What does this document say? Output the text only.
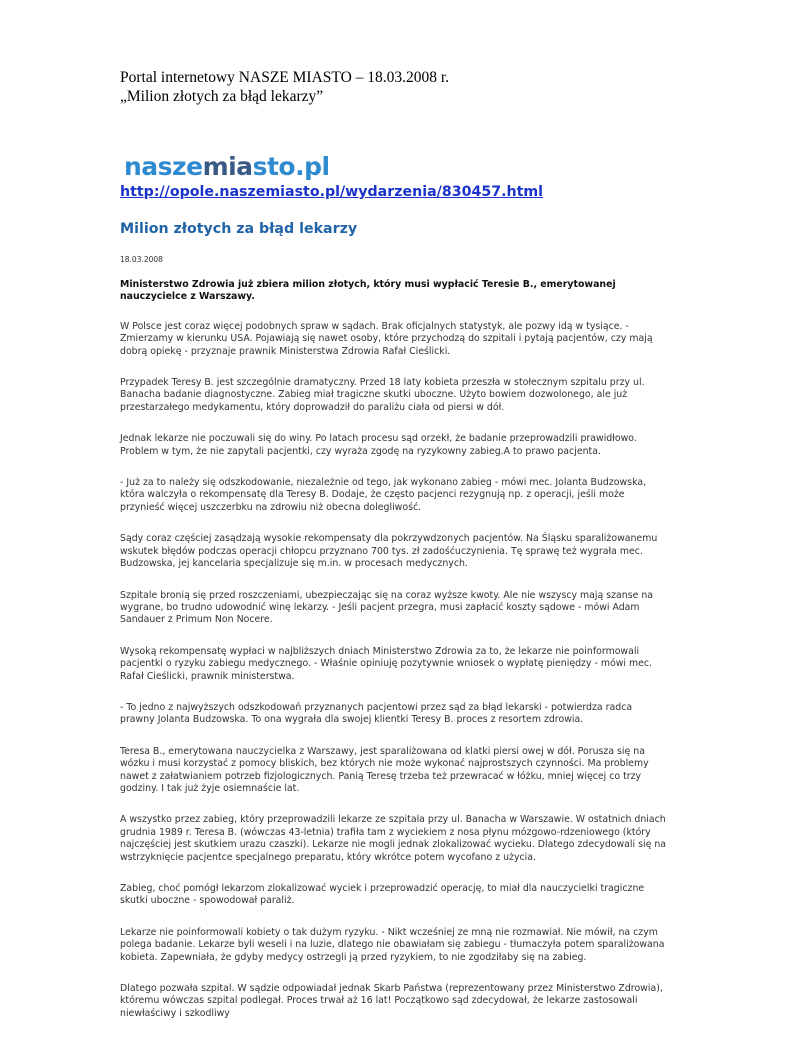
Portal internetowy NASZE MIASTO – 18.03.2008 r.
„Milion złotych za błąd lekarzy”
naszemiasto.pl
http://opole.naszemiasto.pl/wydarzenia/830457.html
Milion złotych za błąd lekarzy
18.03.2008

Ministerstwo Zdrowia już zbiera milion złotych, który musi wypłacić Teresie B., emerytowanej nauczycielce z Warszawy.

W Polsce jest coraz więcej podobnych spraw w sądach. Brak oficjalnych statystyk, ale pozwy idą w tysiące. - Zmierzamy w kierunku USA. Pojawiają się nawet osoby, które przychodzą do szpitali i pytają pacjentów, czy mają dobrą opiekę - przyznaje prawnik Ministerstwa Zdrowia Rafał Cieślicki.

Przypadek Teresy B. jest szczególnie dramatyczny. Przed 18 laty kobieta przeszła w stołecznym szpitalu przy ul. Banacha badanie diagnostyczne. Zabieg miał tragiczne skutki uboczne. Użyto bowiem dozwolonego, ale już przestarzałego medykamentu, który doprowadził do paraliżu ciała od piersi w dół.

Jednak lekarze nie poczuwali się do winy. Po latach procesu sąd orzekł, że badanie przeprowadzili prawidłowo. Problem w tym, że nie zapytali pacjentki, czy wyraża zgodę na ryzykowny zabieg.A to prawo pacjenta.

- Już za to należy się odszkodowanie, niezależnie od tego, jak wykonano zabieg - mówi mec. Jolanta Budzowska, która walczyła o rekompensatę dla Teresy B. Dodaje, że często pacjenci rezygnują np. z operacji, jeśli może przynieść więcej uszczerbku na zdrowiu niż obecna dolegliwość.

Sądy coraz częściej zasądzają wysokie rekompensaty dla pokrzywdzonych pacjentów. Na Śląsku sparaliżowanemu wskutek błędów podczas operacji chłopcu przyznano 700 tys. zł zadośćuczynienia. Tę sprawę też wygrała mec. Budzowska, jej kancelaria specjalizuje się m.in. w procesach medycznych.

Szpitale bronią się przed roszczeniami, ubezpieczając się na coraz wyższe kwoty. Ale nie wszyscy mają szanse na wygrane, bo trudno udowodnić winę lekarzy. - Jeśli pacjent przegra, musi zapłacić koszty sądowe - mówi Adam Sandauer z Primum Non Nocere.

Wysoką rekompensatę wypłaci w najbliższych dniach Ministerstwo Zdrowia za to, że lekarze nie poinformowali pacjentki o ryzyku zabiegu medycznego. - Właśnie opiniuję pozytywnie wniosek o wypłatę pieniędzy - mówi mec. Rafał Cieślicki, prawnik ministerstwa.

- To jedno z najwyższych odszkodowań przyznanych pacjentowi przez sąd za błąd lekarski - potwierdza radca prawny Jolanta Budzowska. To ona wygrała dla swojej klientki Teresy B. proces z resortem zdrowia.

Teresa B., emerytowana nauczycielka z Warszawy, jest sparaliżowana od klatki piersi owej w dół. Porusza się na wózku i musi korzystać z pomocy bliskich, bez których nie może wykonać najprostszych czynności. Ma problemy nawet z załatwianiem potrzeb fizjologicznych. Panią Teresę trzeba też przewracać w łóżku, mniej więcej co trzy godziny. I tak już żyje osiemnaście lat.

A wszystko przez zabieg, który przeprowadzili lekarze ze szpitala przy ul. Banacha w Warszawie. W ostatnich dniach grudnia 1989 r. Teresa B. (wówczas 43-letnia) trafiła tam z wyciekiem z nosa płynu mózgowo-rdzeniowego (który najczęściej jest skutkiem urazu czaszki). Lekarze nie mogli jednak zlokalizować wycieku. Dlatego zdecydowali się na wstrzyknięcie pacjentce specjalnego preparatu, który wkrótce potem wycofano z użycia.

Zabieg, choć pomógł lekarzom zlokalizować wyciek i przeprowadzić operację, to miał dla nauczycielki tragiczne skutki uboczne - spowodował paraliż.

Lekarze nie poinformowali kobiety o tak dużym ryzyku. - Nikt wcześniej ze mną nie rozmawiał. Nie mówił, na czym polega badanie. Lekarze byli weseli i na luzie, dlatego nie obawiałam się zabiegu - tłumaczyła potem sparaliżowana kobieta. Zapewniała, że gdyby medycy ostrzegli ją przed ryzykiem, to nie zgodziłaby się na zabieg.

Dlatego pozwała szpital. W sądzie odpowiadał jednak Skarb Państwa (reprezentowany przez Ministerstwo Zdrowia), któremu wówczas szpital podlegał. Proces trwał aż 16 lat! Początkowo sąd zdecydował, że lekarze zastosowali niewłaściwy i szkodliwy
